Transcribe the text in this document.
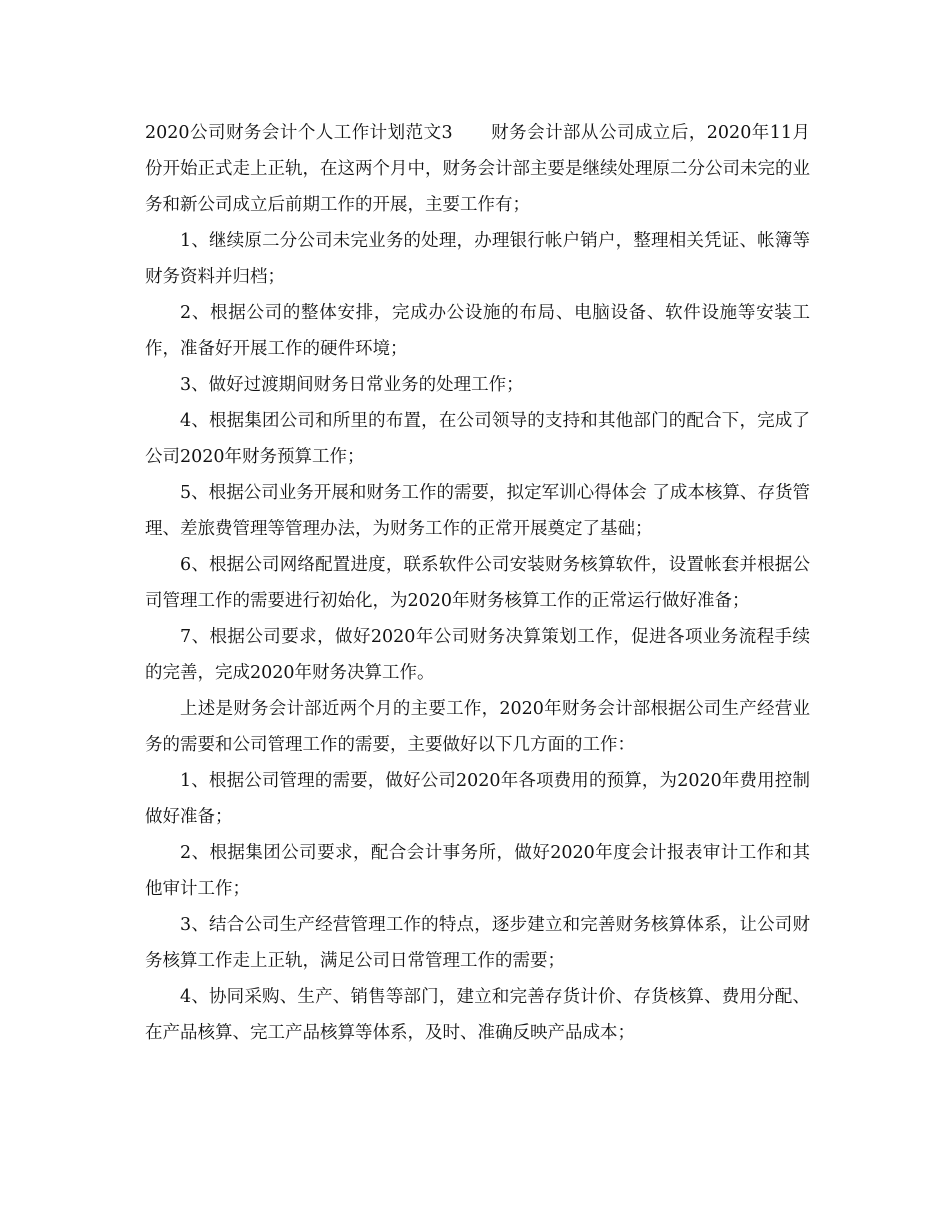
2020公司财务会计个人工作计划范文3 财务会计部从公司成立后，2020年11月份开始正式走上正轨，在这两个月中，财务会计部主要是继续处理原二分公司未完的业务和新公司成立后前期工作的开展，主要工作有；

1、继续原二分公司未完业务的处理，办理银行帐户销户，整理相关凭证、帐簿等财务资料并归档；

2、根据公司的整体安排，完成办公设施的布局、电脑设备、软件设施等安装工作，准备好开展工作的硬件环境；

3、做好过渡期间财务日常业务的处理工作；

4、根据集团公司和所里的布置，在公司领导的支持和其他部门的配合下，完成了公司2020年财务预算工作；

5、根据公司业务开展和财务工作的需要，拟定军训心得体会 了成本核算、存货管理、差旅费管理等管理办法，为财务工作的正常开展奠定了基础；

6、根据公司网络配置进度，联系软件公司安装财务核算软件，设置帐套并根据公司管理工作的需要进行初始化，为2020年财务核算工作的正常运行做好准备；

7、根据公司要求，做好2020年公司财务决算策划工作，促进各项业务流程手续的完善，完成2020年财务决算工作。

上述是财务会计部近两个月的主要工作，2020年财务会计部根据公司生产经营业务的需要和公司管理工作的需要，主要做好以下几方面的工作：

1、根据公司管理的需要，做好公司2020年各项费用的预算，为2020年费用控制做好准备；

2、根据集团公司要求，配合会计事务所，做好2020年度会计报表审计工作和其他审计工作；

3、结合公司生产经营管理工作的特点，逐步建立和完善财务核算体系，让公司财务核算工作走上正轨，满足公司日常管理工作的需要；

4、协同采购、生产、销售等部门，建立和完善存货计价、存货核算、费用分配、在产品核算、完工产品核算等体系，及时、准确反映产品成本；
